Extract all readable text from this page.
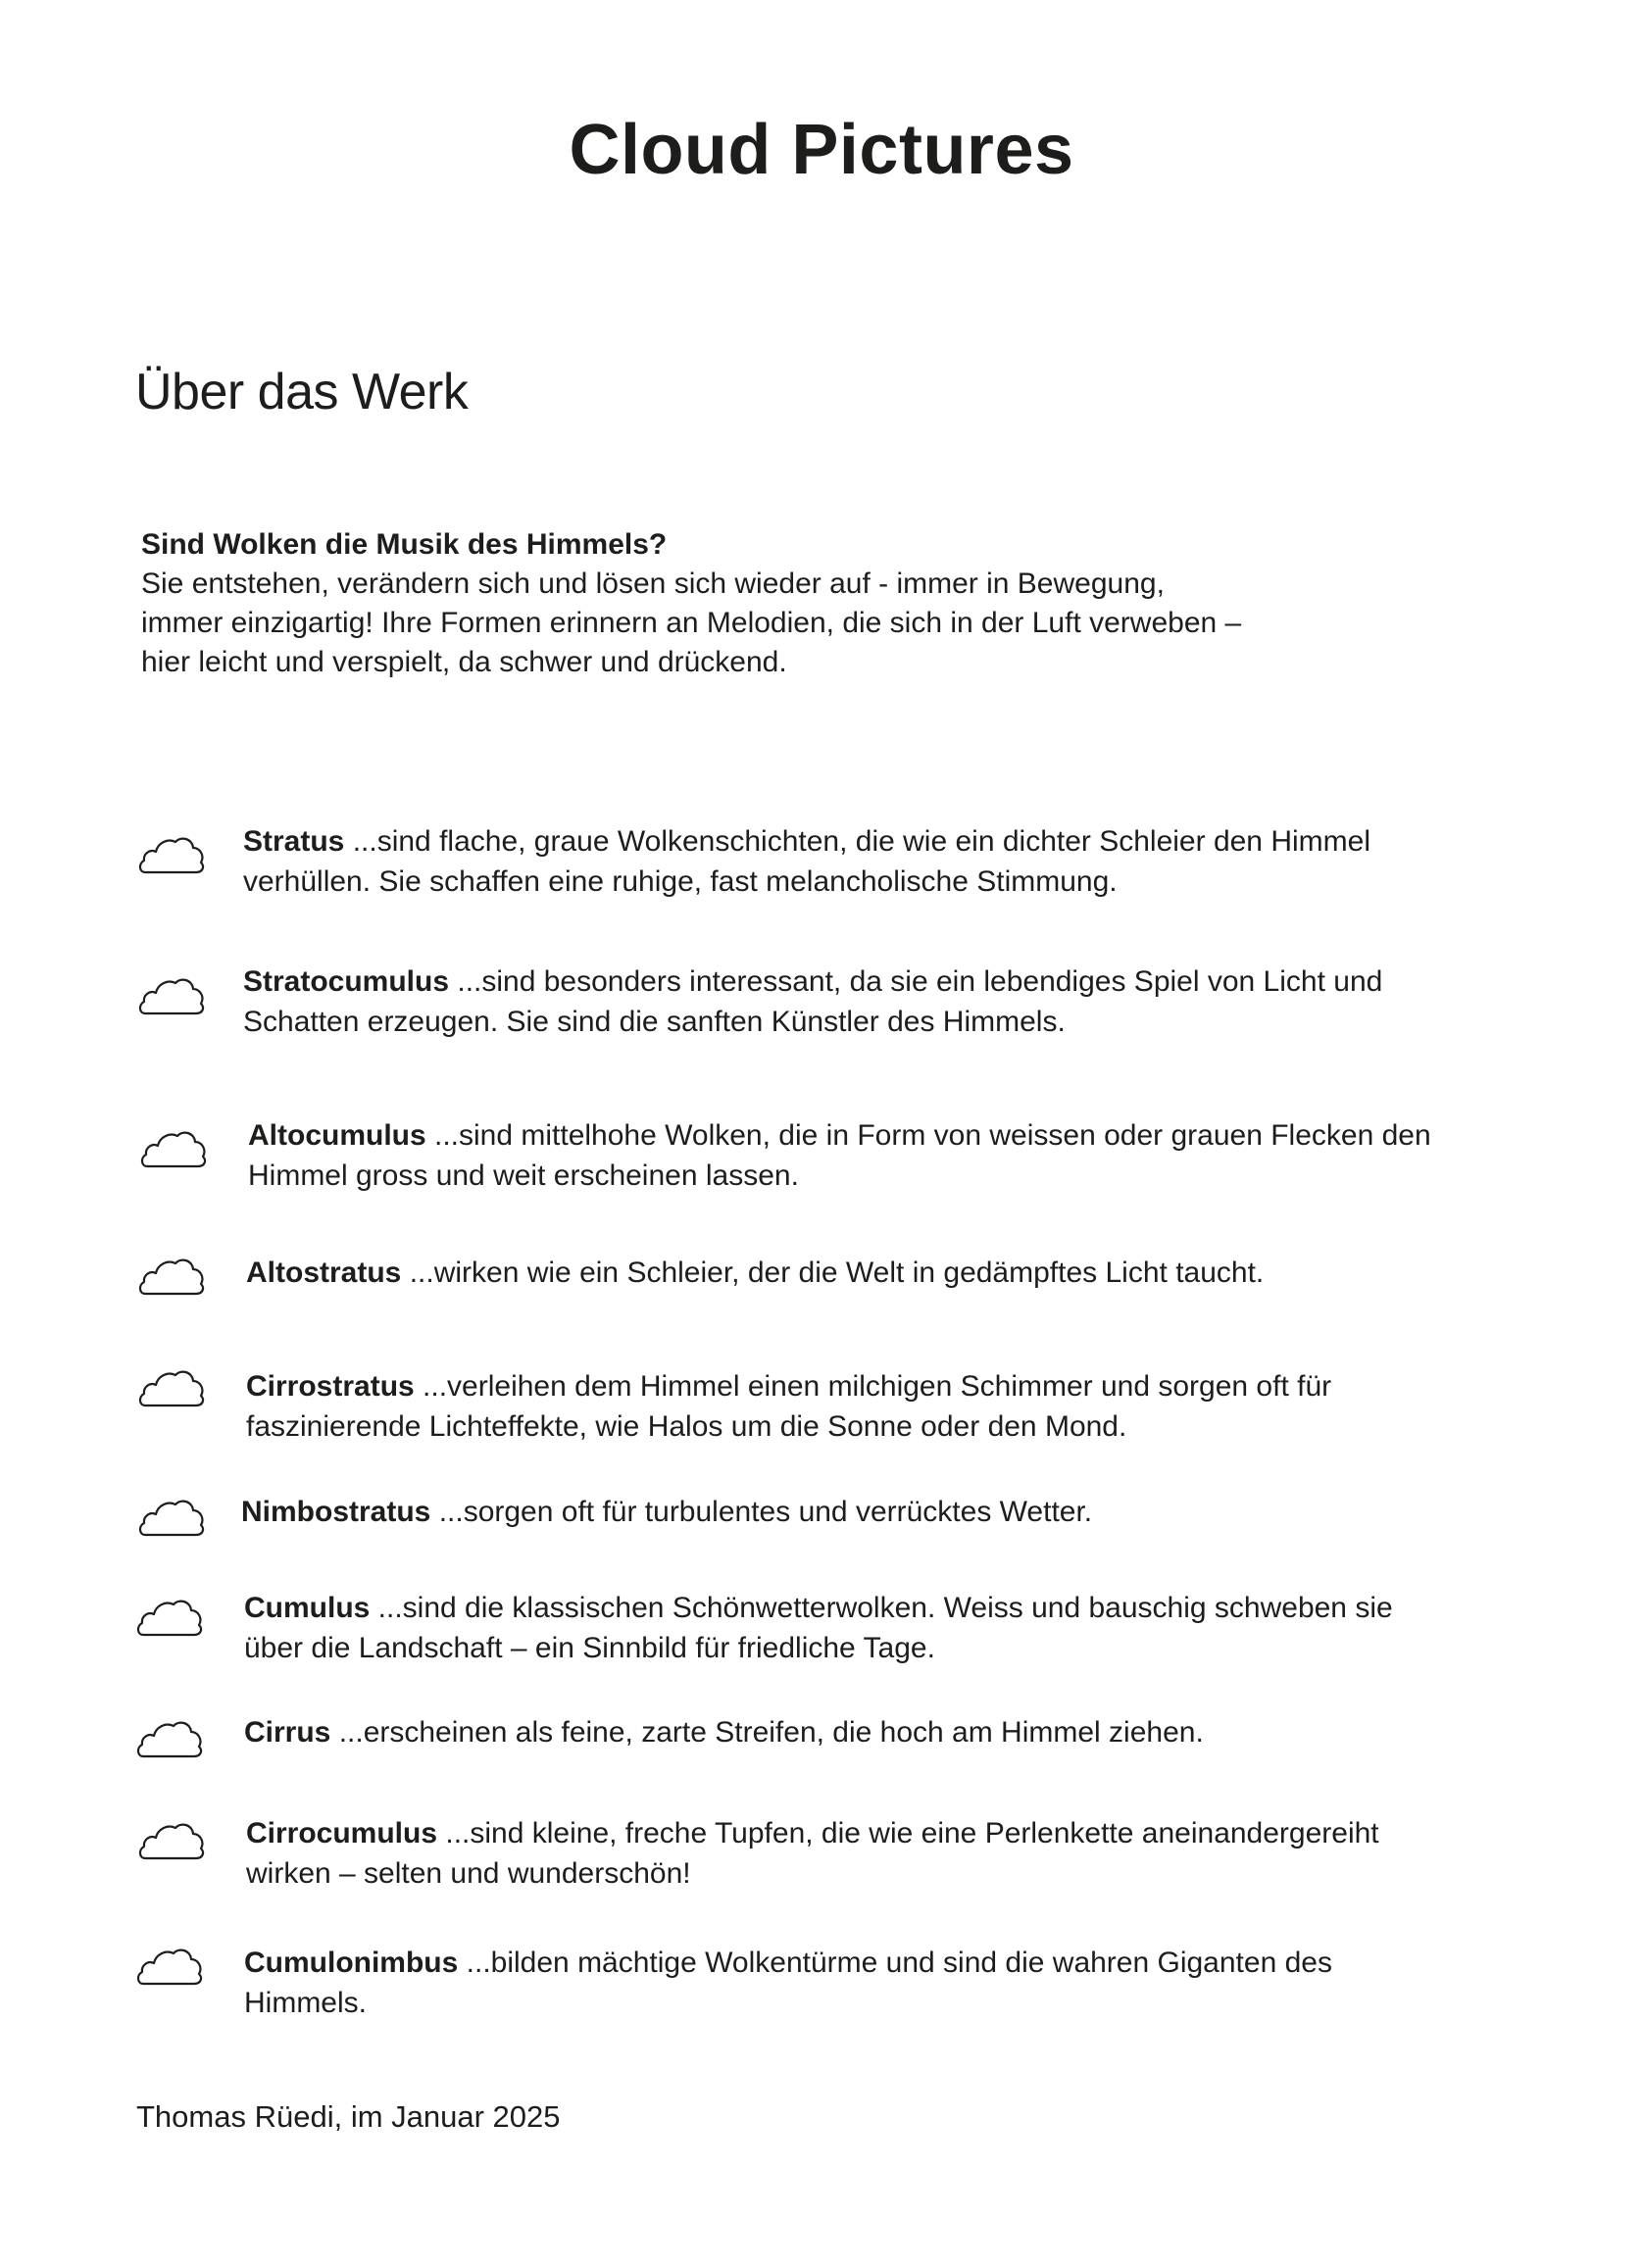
Cloud Pictures
Über das Werk
Sind Wolken die Musik des Himmels?
Sie entstehen, verändern sich und lösen sich wieder auf - immer in Bewegung,
immer einzigartig! Ihre Formen erinnern an Melodien, die sich in der Luft verweben –
hier leicht und verspielt, da schwer und drückend.
Stratus ...sind flache, graue Wolkenschichten, die wie ein dichter Schleier den Himmel verhüllen. Sie schaffen eine ruhige, fast melancholische Stimmung.
Stratocumulus ...sind besonders interessant, da sie ein lebendiges Spiel von Licht und Schatten erzeugen. Sie sind die sanften Künstler des Himmels.
Altocumulus ...sind mittelhohe Wolken, die in Form von weissen oder grauen Flecken den Himmel gross und weit erscheinen lassen.
Altostratus ...wirken wie ein Schleier, der die Welt in gedämpftes Licht taucht.
Cirrostratus ...verleihen dem Himmel einen milchigen Schimmer und sorgen oft für faszinierende Lichteffekte, wie Halos um die Sonne oder den Mond.
Nimbostratus ...sorgen oft für turbulentes und verrücktes Wetter.
Cumulus ...sind die klassischen Schönwetterwolken. Weiss und bauschig schweben sie über die Landschaft – ein Sinnbild für friedliche Tage.
Cirrus ...erscheinen als feine, zarte Streifen, die hoch am Himmel ziehen.
Cirrocumulus ...sind kleine, freche Tupfen, die wie eine Perlenkette aneinandergereiht wirken – selten und wunderschön!
Cumulonimbus ...bilden mächtige Wolkentürme und sind die wahren Giganten des Himmels.
Thomas Rüedi, im Januar 2025
